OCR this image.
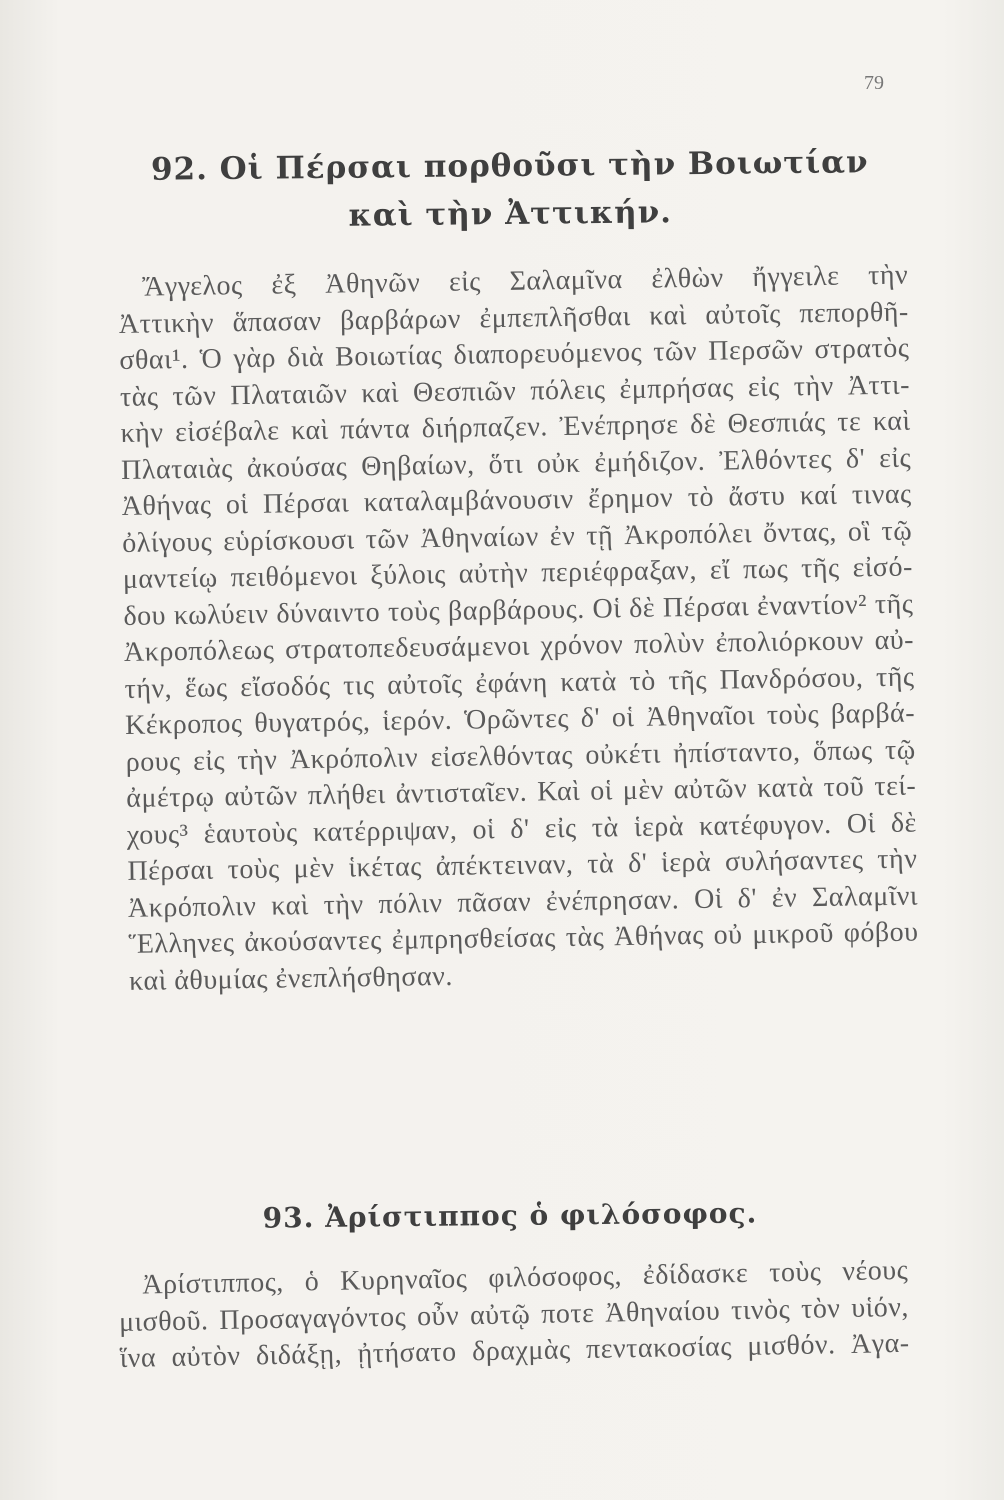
79
92. Οἱ Πέρσαι πορθοῦσι τὴν Βοιωτίαν
καὶ τὴν Ἀττικήν.
Ἄγγελος ἐξ Ἀθηνῶν εἰς Σαλαμῖνα ἐλθὼν ἤγγειλε τὴν
Ἀττικὴν ἅπασαν βαρβάρων ἐμπεπλῆσθαι καὶ αὐτοῖς πεπορθῆ-
σθαι¹. Ὁ γὰρ διὰ Βοιωτίας διαπορευόμενος τῶν Περσῶν στρατὸς
τὰς τῶν Πλαταιῶν καὶ Θεσπιῶν πόλεις ἐμπρήσας εἰς τὴν Ἀττι-
κὴν εἰσέβαλε καὶ πάντα διήρπαζεν. Ἐνέπρησε δὲ Θεσπιάς τε καὶ
Πλαταιὰς ἀκούσας Θηβαίων, ὅτι οὐκ ἐμήδιζον. Ἐλθόντες δ' εἰς
Ἀθήνας οἱ Πέρσαι καταλαμβάνουσιν ἔρημον τὸ ἄστυ καί τινας
ὀλίγους εὑρίσκουσι τῶν Ἀθηναίων ἐν τῇ Ἀκροπόλει ὄντας, οἳ τῷ
μαντείῳ πειθόμενοι ξύλοις αὐτὴν περιέφραξαν, εἴ πως τῆς εἰσό-
δου κωλύειν δύναιντο τοὺς βαρβάρους. Οἱ δὲ Πέρσαι ἐναντίον² τῆς
Ἀκροπόλεως στρατοπεδευσάμενοι χρόνον πολὺν ἐπολιόρκουν αὐ-
τήν, ἕως εἴσοδός τις αὐτοῖς ἐφάνη κατὰ τὸ τῆς Πανδρόσου, τῆς
Κέκροπος θυγατρός, ἱερόν. Ὁρῶντες δ' οἱ Ἀθηναῖοι τοὺς βαρβά-
ρους εἰς τὴν Ἀκρόπολιν εἰσελθόντας οὐκέτι ἠπίσταντο, ὅπως τῷ
ἀμέτρῳ αὐτῶν πλήθει ἀντισταῖεν. Καὶ οἱ μὲν αὐτῶν κατὰ τοῦ τεί-
χους³ ἑαυτοὺς κατέρριψαν, οἱ δ' εἰς τὰ ἱερὰ κατέφυγον. Οἱ δὲ
Πέρσαι τοὺς μὲν ἱκέτας ἀπέκτειναν, τὰ δ' ἱερὰ συλήσαντες τὴν
Ἀκρόπολιν καὶ τὴν πόλιν πᾶσαν ἐνέπρησαν. Οἱ δ' ἐν Σαλαμῖνι
Ἕλληνες ἀκούσαντες ἐμπρησθείσας τὰς Ἀθήνας οὐ μικροῦ φόβου
καὶ ἀθυμίας ἐνεπλήσθησαν.
93. Ἀρίστιππος ὁ φιλόσοφος.
Ἀρίστιππος, ὁ Κυρηναῖος φιλόσοφος, ἐδίδασκε τοὺς νέους
μισθοῦ. Προσαγαγόντος οὖν αὐτῷ ποτε Ἀθηναίου τινὸς τὸν υἱόν,
ἵνα αὐτὸν διδάξῃ, ᾐτήσατο δραχμὰς πεντακοσίας μισθόν. Ἀγα-
